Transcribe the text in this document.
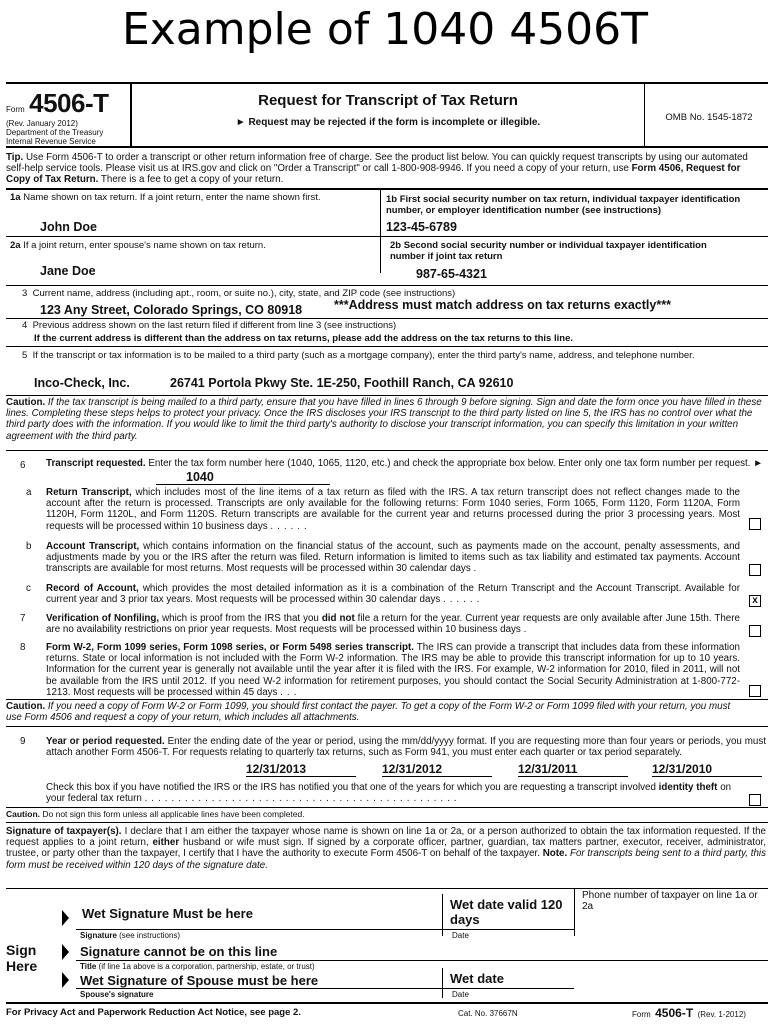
Example of 1040 4506T
Form 4506-T
(Rev. January 2012)
Department of the Treasury
Internal Revenue Service
Request for Transcript of Tax Return
► Request may be rejected if the form is incomplete or illegible.	OMB No. 1545-1872
Tip. Use Form 4506-T to order a transcript or other return information free of charge. See the product list below. You can quickly request transcripts by using our automated self-help service tools. Please visit us at IRS.gov and click on "Order a Transcript" or call 1-800-908-9946. If you need a copy of your return, use Form 4506, Request for Copy of Tax Return. There is a fee to get a copy of your return.
1a Name shown on tax return. If a joint return, enter the name shown first.
John Doe
1b First social security number on tax return, individual taxpayer identification number, or employer identification number (see instructions)
123-45-6789
2a If a joint return, enter spouse's name shown on tax return.
Jane Doe
2b Second social security number or individual taxpayer identification number if joint tax return
987-65-4321
3 Current name, address (including apt., room, or suite no.), city, state, and ZIP code (see instructions)
123 Any Street, Colorado Springs, CO 80918	***Address must match address on tax returns exactly***
4 Previous address shown on the last return filed if different from line 3 (see instructions)
If the current address is different than the address on tax returns, please add the address on the tax returns to this line.
5 If the transcript or tax information is to be mailed to a third party (such as a mortgage company), enter the third party's name, address, and telephone number.
Inco-Check, Inc.	26741 Portola Pkwy Ste. 1E-250, Foothill Ranch, CA 92610
Caution. If the tax transcript is being mailed to a third party, ensure that you have filled in lines 6 through 9 before signing. Sign and date the form once you have filled in these lines. Completing these steps helps to protect your privacy. Once the IRS discloses your IRS transcript to the third party listed on line 5, the IRS has no control over what the third party does with the information. If you would like to limit the third party's authority to disclose your transcript information, you can specify this limitation in your written agreement with the third party.
6 Transcript requested. Enter the tax form number here (1040, 1065, 1120, etc.) and check the appropriate box below. Enter only one tax form number per request. ►
1040
a Return Transcript, which includes most of the line items of a tax return as filed with the IRS. A tax return transcript does not reflect changes made to the account after the return is processed. Transcripts are only available for the following returns: Form 1040 series, Form 1065, Form 1120, Form 1120A, Form 1120H, Form 1120L, and Form 1120S. Return transcripts are available for the current year and returns processed during the prior 3 processing years. Most requests will be processed within 10 business days ......
b Account Transcript, which contains information on the financial status of the account, such as payments made on the account, penalty assessments, and adjustments made by you or the IRS after the return was filed. Return information is limited to items such as tax liability and estimated tax payments. Account transcripts are available for most returns. Most requests will be processed within 30 calendar days .
c Record of Account, which provides the most detailed information as it is a combination of the Return Transcript and the Account Transcript. Available for current year and 3 prior tax years. Most requests will be processed within 30 calendar days ......	x
7 Verification of Nonfiling, which is proof from the IRS that you did not file a return for the year. Current year requests are only available after June 15th. There are no availability restrictions on prior year requests. Most requests will be processed within 10 business days .
8 Form W-2, Form 1099 series, Form 1098 series, or Form 5498 series transcript. The IRS can provide a transcript that includes data from these information returns. State or local information is not included with the Form W-2 information. The IRS may be able to provide this transcript information for up to 10 years. Information for the current year is generally not available until the year after it is filed with the IRS. For example, W-2 information for 2010, filed in 2011, will not be available from the IRS until 2012. If you need W-2 information for retirement purposes, you should contact the Social Security Administration at 1-800-772-1213. Most requests will be processed within 45 days ...
Caution. If you need a copy of Form W-2 or Form 1099, you should first contact the payer. To get a copy of the Form W-2 or Form 1099 filed with your return, you must use Form 4506 and request a copy of your return, which includes all attachments.
9 Year or period requested. Enter the ending date of the year or period, using the mm/dd/yyyy format. If you are requesting more than four years or periods, you must attach another Form 4506-T. For requests relating to quarterly tax returns, such as Form 941, you must enter each quarter or tax period separately.
12/31/2013	12/31/2012	12/31/2011	12/31/2010
Check this box if you have notified the IRS or the IRS has notified you that one of the years for which you are requesting a transcript involved identity theft on your federal tax return ...............................................
Caution. Do not sign this form unless all applicable lines have been completed.
Signature of taxpayer(s). I declare that I am either the taxpayer whose name is shown on line 1a or 2a, or a person authorized to obtain the tax information requested. If the request applies to a joint return, either husband or wife must sign. If signed by a corporate officer, partner, guardian, tax matters partner, executor, receiver, administrator, trustee, or party other than the taxpayer, I certify that I have the authority to execute Form 4506-T on behalf of the taxpayer. Note. For transcripts being sent to a third party, this form must be received within 120 days of the signature date.
Sign
Here
Phone number of taxpayer on line 1a or 2a
Wet Signature Must be here
Wet date valid 120 days
Signature (see instructions)	Date
Signature cannot be on this line
Title (if line 1a above is a corporation, partnership, estate, or trust)
Wet Signature of Spouse must be here	Wet date
Spouse's signature	Date
For Privacy Act and Paperwork Reduction Act Notice, see page 2.	Cat. No. 37667N	Form 4506-T (Rev. 1-2012)
